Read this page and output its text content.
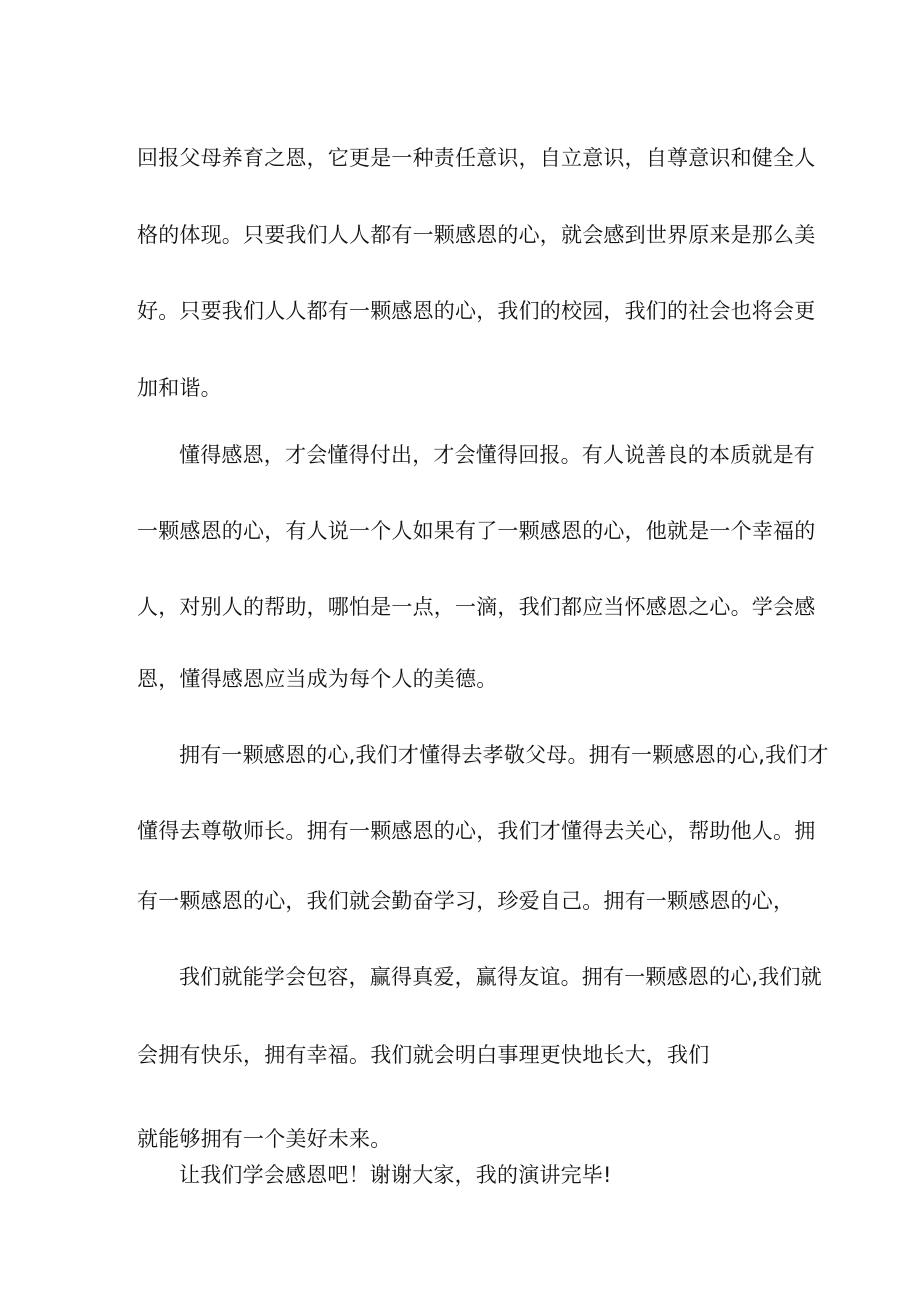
回报父母养育之恩，它更是一种责任意识，自立意识，自尊意识和健全人
格的体现。只要我们人人都有一颗感恩的心，就会感到世界原来是那么美
好。只要我们人人都有一颗感恩的心，我们的校园，我们的社会也将会更
加和谐。
懂得感恩，才会懂得付出，才会懂得回报。有人说善良的本质就是有
一颗感恩的心，有人说一个人如果有了一颗感恩的心，他就是一个幸福的
人，对别人的帮助，哪怕是一点，一滴，我们都应当怀感恩之心。学会感
恩，懂得感恩应当成为每个人的美德。
拥有一颗感恩的心,我们才懂得去孝敬父母。拥有一颗感恩的心,我们才
懂得去尊敬师长。拥有一颗感恩的心，我们才懂得去关心，帮助他人。拥
有一颗感恩的心，我们就会勤奋学习，珍爱自己。拥有一颗感恩的心，
我们就能学会包容，赢得真爱，赢得友谊。拥有一颗感恩的心,我们就
会拥有快乐，拥有幸福。我们就会明白事理更快地长大，我们
就能够拥有一个美好未来。
让我们学会感恩吧！谢谢大家，我的演讲完毕!
